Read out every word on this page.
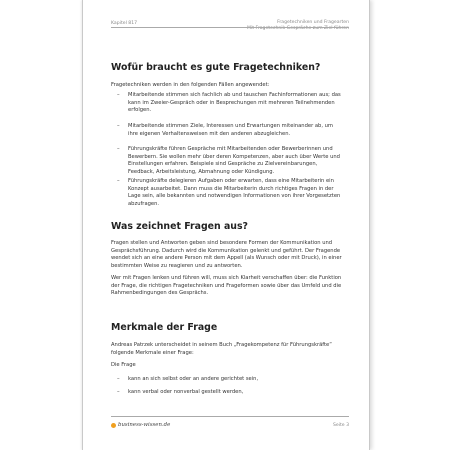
Kapitel 817	Fragetechniken und Fragearten
Mit Fragetechnik Gespräche zum Ziel führen
Wofür braucht es gute Fragetechniken?

Fragetechniken werden in den folgenden Fällen angewendet:

– Mitarbeitende stimmen sich fachlich ab und tauschen Fachinformationen aus; das kann im Zweier-Gespräch oder in Besprechungen mit mehreren Teilnehmenden erfolgen.
– Mitarbeitende stimmen Ziele, Interessen und Erwartungen miteinander ab, um ihre eigenen Verhaltensweisen mit den anderen abzugleichen.
– Führungskräfte führen Gespräche mit Mitarbeitenden oder Bewerberinnen und Bewerbern. Sie wollen mehr über deren Kompetenzen, aber auch über Werte und Einstellungen erfahren. Beispiele sind Gespräche zu Zielvereinbarungen, Feedback, Arbeitsleistung, Abmahnung oder Kündigung.
– Führungskräfte delegieren Aufgaben oder erwarten, dass eine Mitarbeiterin ein Konzept ausarbeitet. Dann muss die Mitarbeiterin durch richtiges Fragen in der Lage sein, alle bekannten und notwendigen Informationen von ihrer Vorgesetzten abzufragen.
Was zeichnet Fragen aus?

Fragen stellen und Antworten geben sind besondere Formen der Kommunikation und Gesprächsführung. Dadurch wird die Kommunikation gelenkt und geführt. Der Fragende wendet sich an eine andere Person mit dem Appell (als Wunsch oder mit Druck), in einer bestimmten Weise zu reagieren und zu antworten.

Wer mit Fragen lenken und führen will, muss sich Klarheit verschaffen über: die Funktion der Frage, die richtigen Fragetechniken und Frageformen sowie über das Umfeld und die Rahmenbedingungen des Gesprächs.

Merkmale der Frage

Andreas Patrzek unterscheidet in seinem Buch „Fragekompetenz für Führungskräfte“ folgende Merkmale einer Frage:

Die Frage

– kann an sich selbst oder an andere gerichtet sein,
– kann verbal oder nonverbal gestellt werden,
business-wissen.de	Seite 3
